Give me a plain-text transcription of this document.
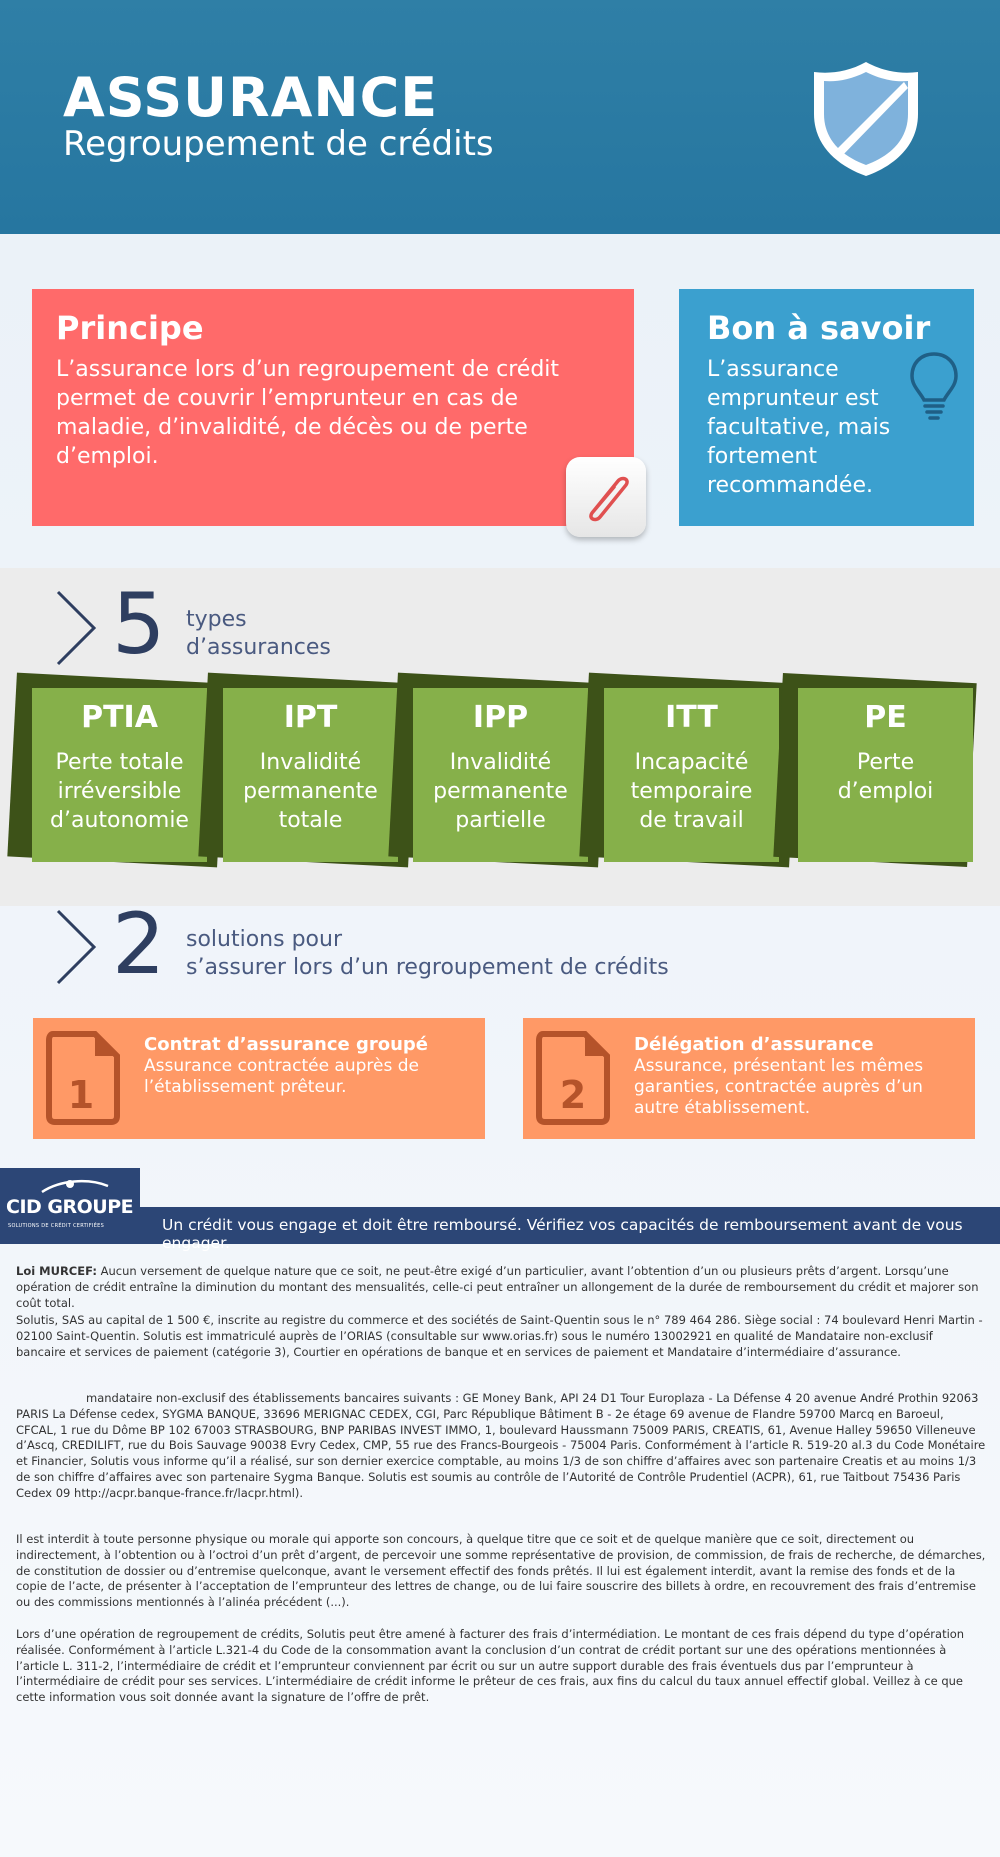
ASSURANCE
Regroupement de crédits
Principe
L’assurance lors d’un regroupement de crédit permet de couvrir l’emprunteur en cas de maladie, d’invalidité, de décès ou de perte d’emploi.
Bon à savoir
L’assurance emprunteur est facultative, mais fortement recommandée.
5 types
d’assurances
PTIA
Perte totale
irréversible
d’autonomie
IPT
Invalidité
permanente
totale
IPP
Invalidité
permanente
partielle
ITT
Incapacité
temporaire
de travail
PE
Perte
d’emploi
2 solutions pour
s’assurer lors d’un regroupement de crédits
1
Contrat d’assurance groupé
Assurance contractée auprès de l’établissement prêteur.	2
Délégation d’assurance
Assurance, présentant les mêmes garanties, contractée auprès d’un autre établissement.
CID GROUPE
SOLUTIONS DE CRÉDIT CERTIFIÉES	Un crédit vous engage et doit être remboursé. Vérifiez vos capacités de remboursement avant de vous engager.
Loi MURCEF: Aucun versement de quelque nature que ce soit, ne peut-être exigé d’un particulier, avant l’obtention d’un ou plusieurs prêts d’argent. Lorsqu’une opération de crédit entraîne la diminution du montant des mensualités, celle-ci peut entraîner un allongement de la durée de remboursement du crédit et majorer son coût total.
Solutis, SAS au capital de 1 500 €, inscrite au registre du commerce et des sociétés de Saint-Quentin sous le n° 789 464 286. Siège social : 74 boulevard Henri Martin - 02100 Saint-Quentin. Solutis est immatriculé auprès de l’ORIAS (consultable sur www.orias.fr) sous le numéro 13002921 en qualité de Mandataire non-exclusif bancaire et services de paiement (catégorie 3), Courtier en opérations de banque et en services de paiement et Mandataire d’intermédiaire d’assurance.
mandataire non-exclusif des établissements bancaires suivants : GE Money Bank, API 24 D1 Tour Europlaza - La Défense 4 20 avenue André Prothin 92063 PARIS La Défense cedex, SYGMA BANQUE, 33696 MERIGNAC CEDEX, CGI, Parc République Bâtiment B - 2e étage 69 avenue de Flandre 59700 Marcq en Baroeul, CFCAL, 1 rue du Dôme BP 102 67003 STRASBOURG, BNP PARIBAS INVEST IMMO, 1, boulevard Haussmann 75009 PARIS, CREATIS, 61, Avenue Halley 59650 Villeneuve d’Ascq, CREDILIFT, rue du Bois Sauvage 90038 Evry Cedex, CMP, 55 rue des Francs-Bourgeois - 75004 Paris. Conformément à l’article R. 519-20 al.3 du Code Monétaire et Financier, Solutis vous informe qu’il a réalisé, sur son dernier exercice comptable, au moins 1/3 de son chiffre d’affaires avec son partenaire Creatis et au moins 1/3 de son chiffre d’affaires avec son partenaire Sygma Banque. Solutis est soumis au contrôle de l’Autorité de Contrôle Prudentiel (ACPR), 61, rue Taitbout 75436 Paris Cedex 09 http://acpr.banque-france.fr/lacpr.html).
Il est interdit à toute personne physique ou morale qui apporte son concours, à quelque titre que ce soit et de quelque manière que ce soit, directement ou indirectement, à l’obtention ou à l’octroi d’un prêt d’argent, de percevoir une somme représentative de provision, de commission, de frais de recherche, de démarches, de constitution de dossier ou d’entremise quelconque, avant le versement effectif des fonds prêtés. Il lui est également interdit, avant la remise des fonds et de la copie de l’acte, de présenter à l’acceptation de l’emprunteur des lettres de change, ou de lui faire souscrire des billets à ordre, en recouvrement des frais d’entremise ou des commissions mentionnés à l’alinéa précédent (...).
Lors d’une opération de regroupement de crédits, Solutis peut être amené à facturer des frais d’intermédiation. Le montant de ces frais dépend du type d’opération réalisée. Conformément à l’article L.321-4 du Code de la consommation avant la conclusion d’un contrat de crédit portant sur une des opérations mentionnées à l’article L. 311-2, l’intermédiaire de crédit et l’emprunteur conviennent par écrit ou sur un autre support durable des frais éventuels dus par l’emprunteur à l’intermédiaire de crédit pour ses services. L’intermédiaire de crédit informe le prêteur de ces frais, aux fins du calcul du taux annuel effectif global. Veillez à ce que cette information vous soit donnée avant la signature de l’offre de prêt.
